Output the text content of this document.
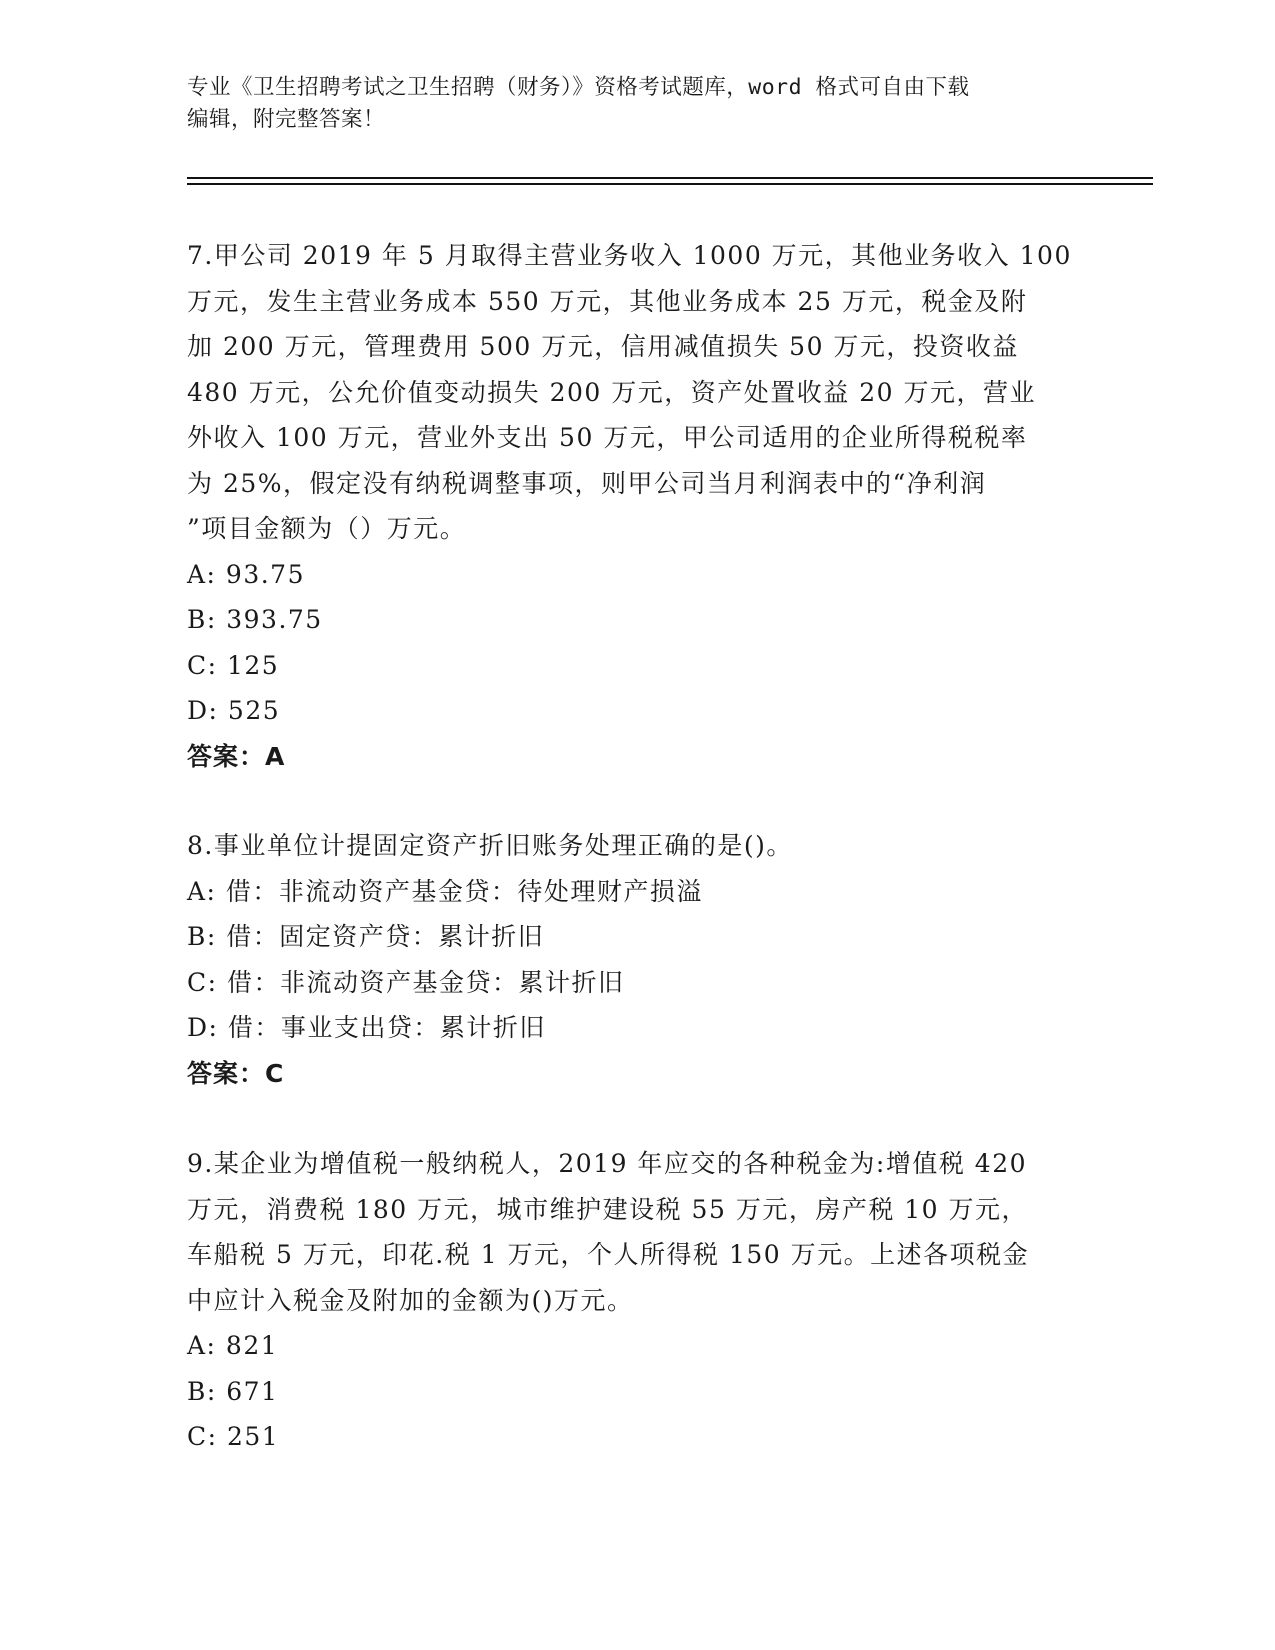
专业《卫生招聘考试之卫生招聘（财务）》资格考试题库，word 格式可自由下载
编辑，附完整答案！
7.甲公司 2019 年 5 月取得主营业务收入 1000 万元，其他业务收入 100
万元，发生主营业务成本 550 万元，其他业务成本 25 万元，税金及附
加 200 万元，管理费用 500 万元，信用减值损失 50 万元，投资收益
480 万元，公允价值变动损失 200 万元，资产处置收益 20 万元，营业
外收入 100 万元，营业外支出 50 万元，甲公司适用的企业所得税税率
为 25%，假定没有纳税调整事项，则甲公司当月利润表中的“净利润
”项目金额为（）万元。
A: 93.75
B: 393.75
C: 125
D: 525
答案：A
8.事业单位计提固定资产折旧账务处理正确的是()。
A: 借：非流动资产基金贷：待处理财产损溢
B: 借：固定资产贷：累计折旧
C: 借：非流动资产基金贷：累计折旧
D: 借：事业支出贷：累计折旧
答案：C
9.某企业为增值税一般纳税人，2019 年应交的各种税金为:增值税 420
万元，消费税 180 万元，城市维护建设税 55 万元，房产税 10 万元，
车船税 5 万元，印花.税 1 万元，个人所得税 150 万元。上述各项税金
中应计入税金及附加的金额为()万元。
A: 821
B: 671
C: 251
